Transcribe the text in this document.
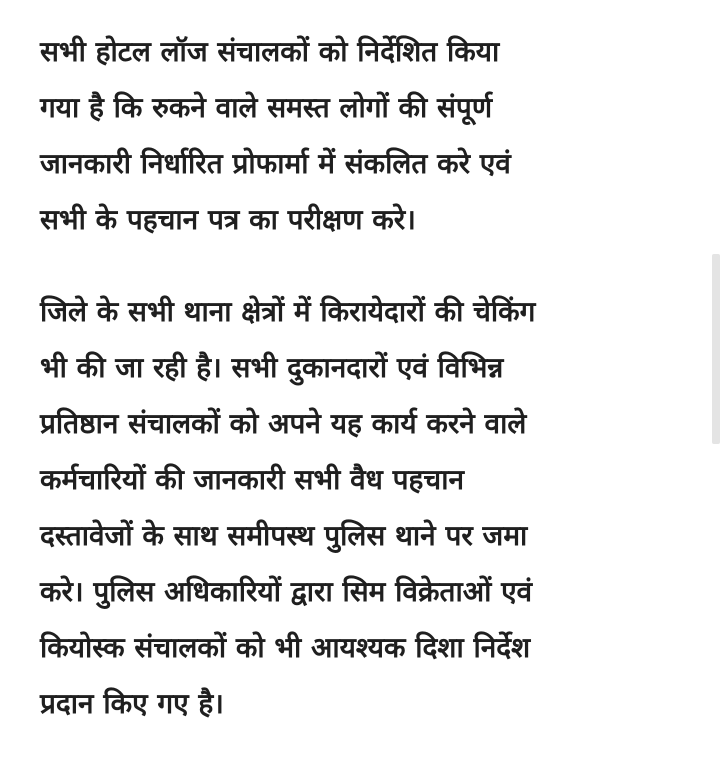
सभी होटल लॉज संचालकों को निर्देशित किया
गया है कि रुकने वाले समस्त लोगों की संपूर्ण
जानकारी निर्धारित प्रोफार्मा में संकलित करे एवं
सभी के पहचान पत्र का परीक्षण करे।

जिले के सभी थाना क्षेत्रों में किरायेदारों की चेकिंग
भी की जा रही है। सभी दुकानदारों एवं विभिन्न
प्रतिष्ठान संचालकों को अपने यह कार्य करने वाले
कर्मचारियों की जानकारी सभी वैध पहचान
दस्तावेजों के साथ समीपस्थ पुलिस थाने पर जमा
करे। पुलिस अधिकारियों द्वारा सिम विक्रेताओं एवं
कियोस्क संचालकों को भी आयश्यक दिशा निर्देश
प्रदान किए गए है।
